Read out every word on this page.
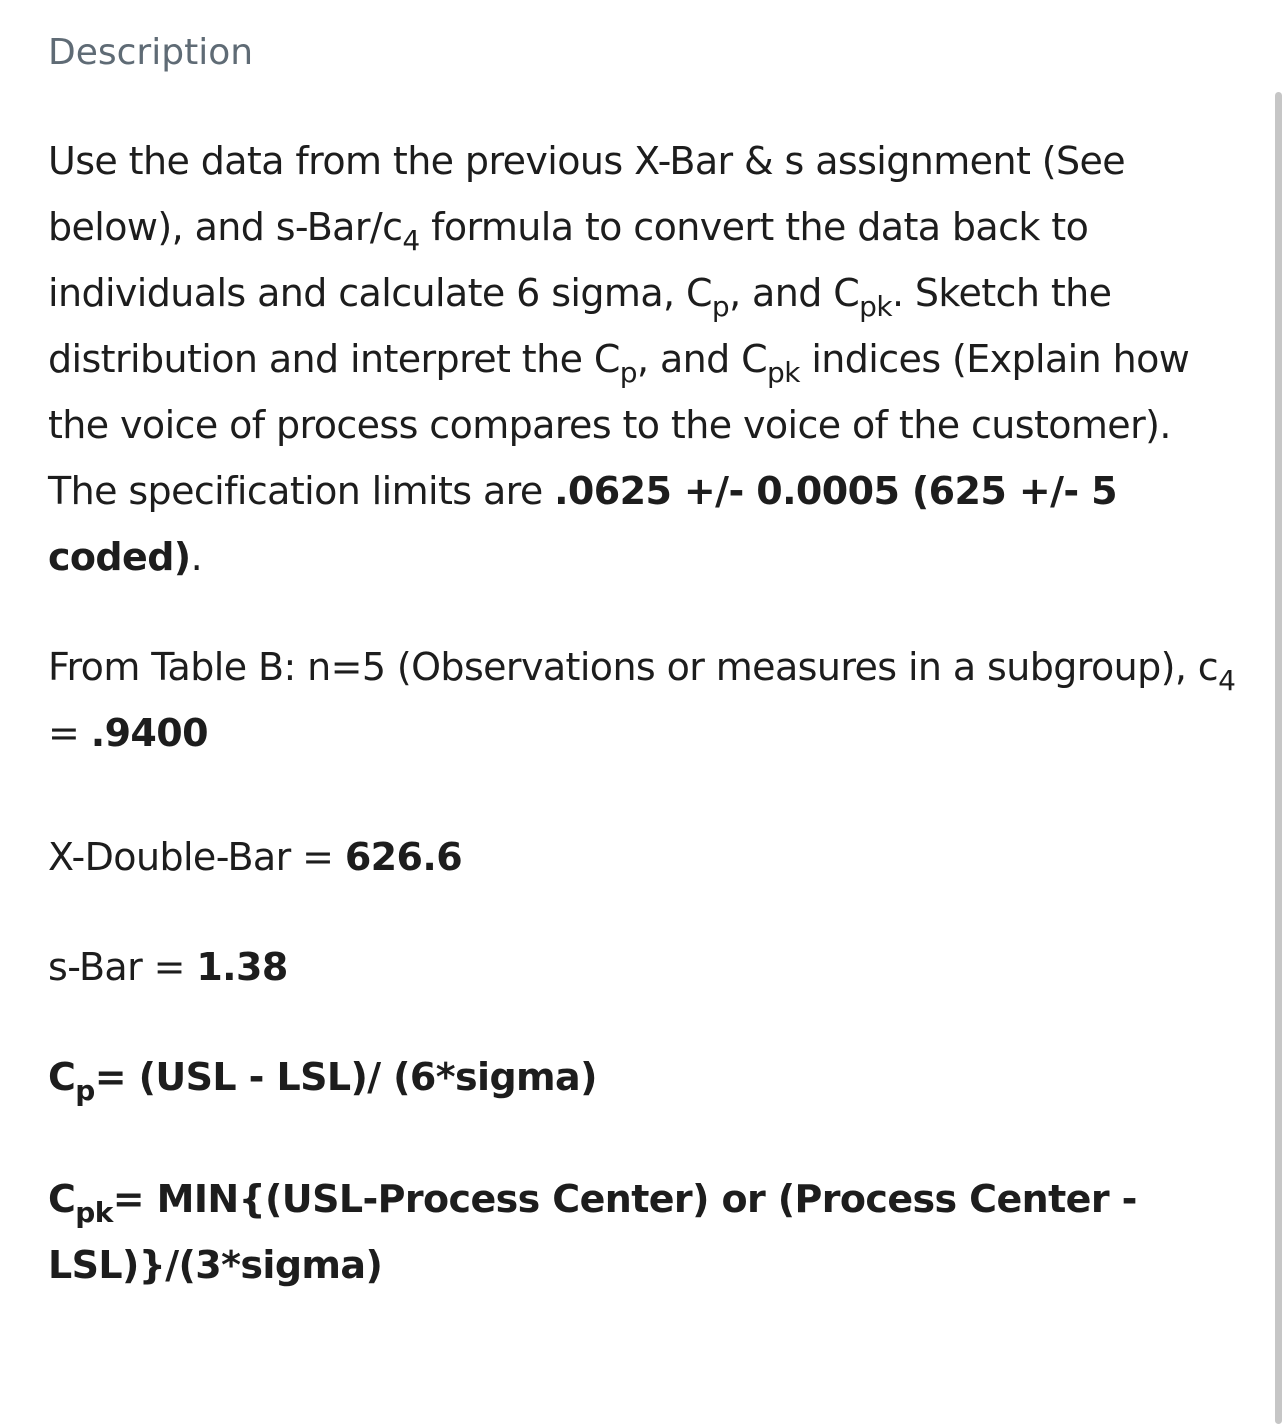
Description

Use the data from the previous X-Bar & s assignment (See below), and $s-Bar/c_4$ formula to convert the data back to individuals and calculate 6 sigma, $C_p$, and $C_{pk}$. Sketch the distribution and interpret the $C_p$, and $C_{pk}$ indices (Explain how the voice of process compares to the voice of the customer). The specification limits are .0625 +/- 0.0005 (625 +/- 5 coded).

From Table B: n=5 (Observations or measures in a subgroup), $c_4 = .9400$

X-Double-Bar = 626.6

s-Bar = 1.38

$C_p= (USL - LSL)/$ (6*sigma)

$C_{pk}=$ MIN{(USL-Process Center) or (Process Center - LSL)}/(3*sigma)
